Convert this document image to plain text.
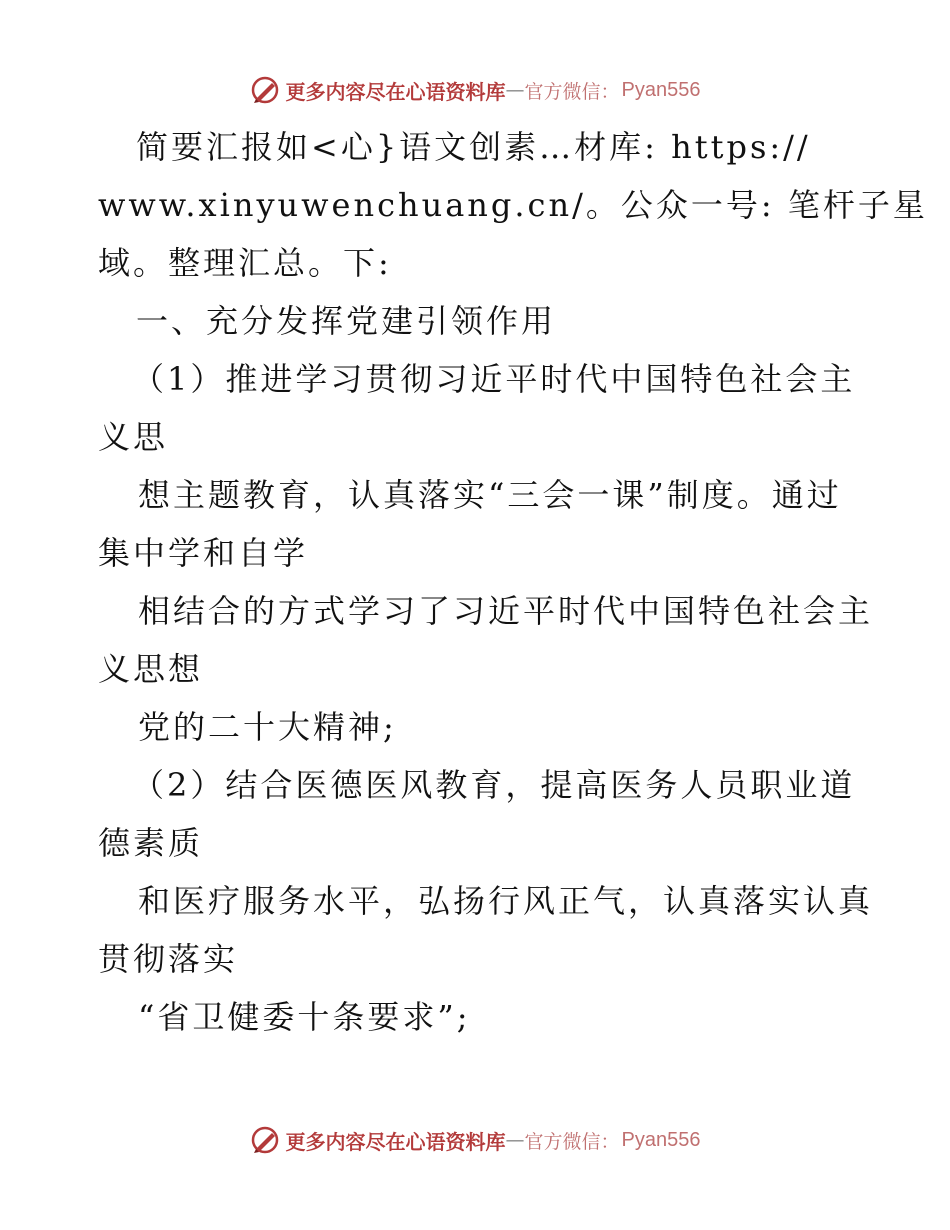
更多内容尽在心语资料库 — 官方微信： Pyan556
简要汇报如<心}语文创素…材库: https://
www.xinyuwenchuang.cn/。公众一号: 笔杆子星
域。整理汇总。下:
一、充分发挥党建引领作用
（1）推进学习贯彻习近平时代中国特色社会主
义思
想主题教育，认真落实“三会一课”制度。通过
集中学和自学
相结合的方式学习了习近平时代中国特色社会主
义思想
党的二十大精神;
（2）结合医德医风教育，提高医务人员职业道
德素质
和医疗服务水平，弘扬行风正气，认真落实认真
贯彻落实
“省卫健委十条要求”;
更多内容尽在心语资料库 — 官方微信： Pyan556
